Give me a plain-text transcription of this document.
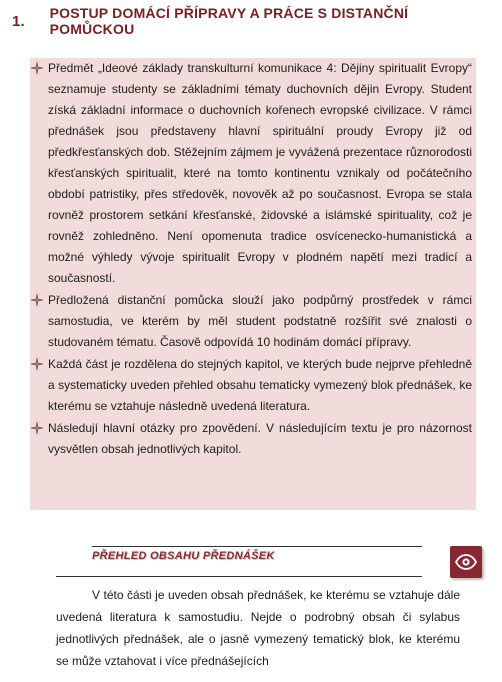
1.	POSTUP DOMÁCÍ PŘÍPRAVY A PRÁCE S DISTANČNÍ POMŮCKOU
Předmět „Ideové základy transkulturní komunikace 4: Dějiny spiritualit Evropy“ seznamuje studenty se základními tématy duchovních dějin Evropy. Student získá základní informace o duchovních kořenech evropské civilizace. V rámci přednášek jsou představeny hlavní spirituální proudy Evropy již od předkřesťanských dob. Stěžejním zájmem je vyvážená prezentace různorodosti křesťanských spiritualit, které na tomto kontinentu vznikaly od počátečního období patristiky, přes středověk, novověk až po současnost. Evropa se stala rovněž prostorem setkání křesťanské, židovské a islámské spirituality, což je rovněž zohledněno. Není opomenuta tradice osvícenecko-humanistická a možné výhledy vývoje spiritualit Evropy v plodném napětí mezi tradicí a současností.
Předložená distanční pomůcka slouží jako podpůrný prostředek v rámci samostudia, ve kterém by měl student podstatně rozšířit své znalosti o studovaném tématu. Časově odpovídá 10 hodinám domácí přípravy.
Každá část je rozdělena do stejných kapitol, ve kterých bude nejprve přehledně a systematicky uveden přehled obsahu tematicky vymezený blok přednášek, ke kterému se vztahuje následně uvedená literatura.
Následují hlavní otázky pro zpovědení. V následujícím textu je pro názornost vysvětlen obsah jednotlivých kapitol.
PŘEHLED OBSAHU PŘEDNÁŠEK

V této části je uveden obsah přednášek, ke kterému se vztahuje dále uvedená literatura k samostudiu. Nejde o podrobný obsah či sylabus jednotlivých přednášek, ale o jasně vymezený tematický blok, ke kterému se může vztahovat i více přednášejících
